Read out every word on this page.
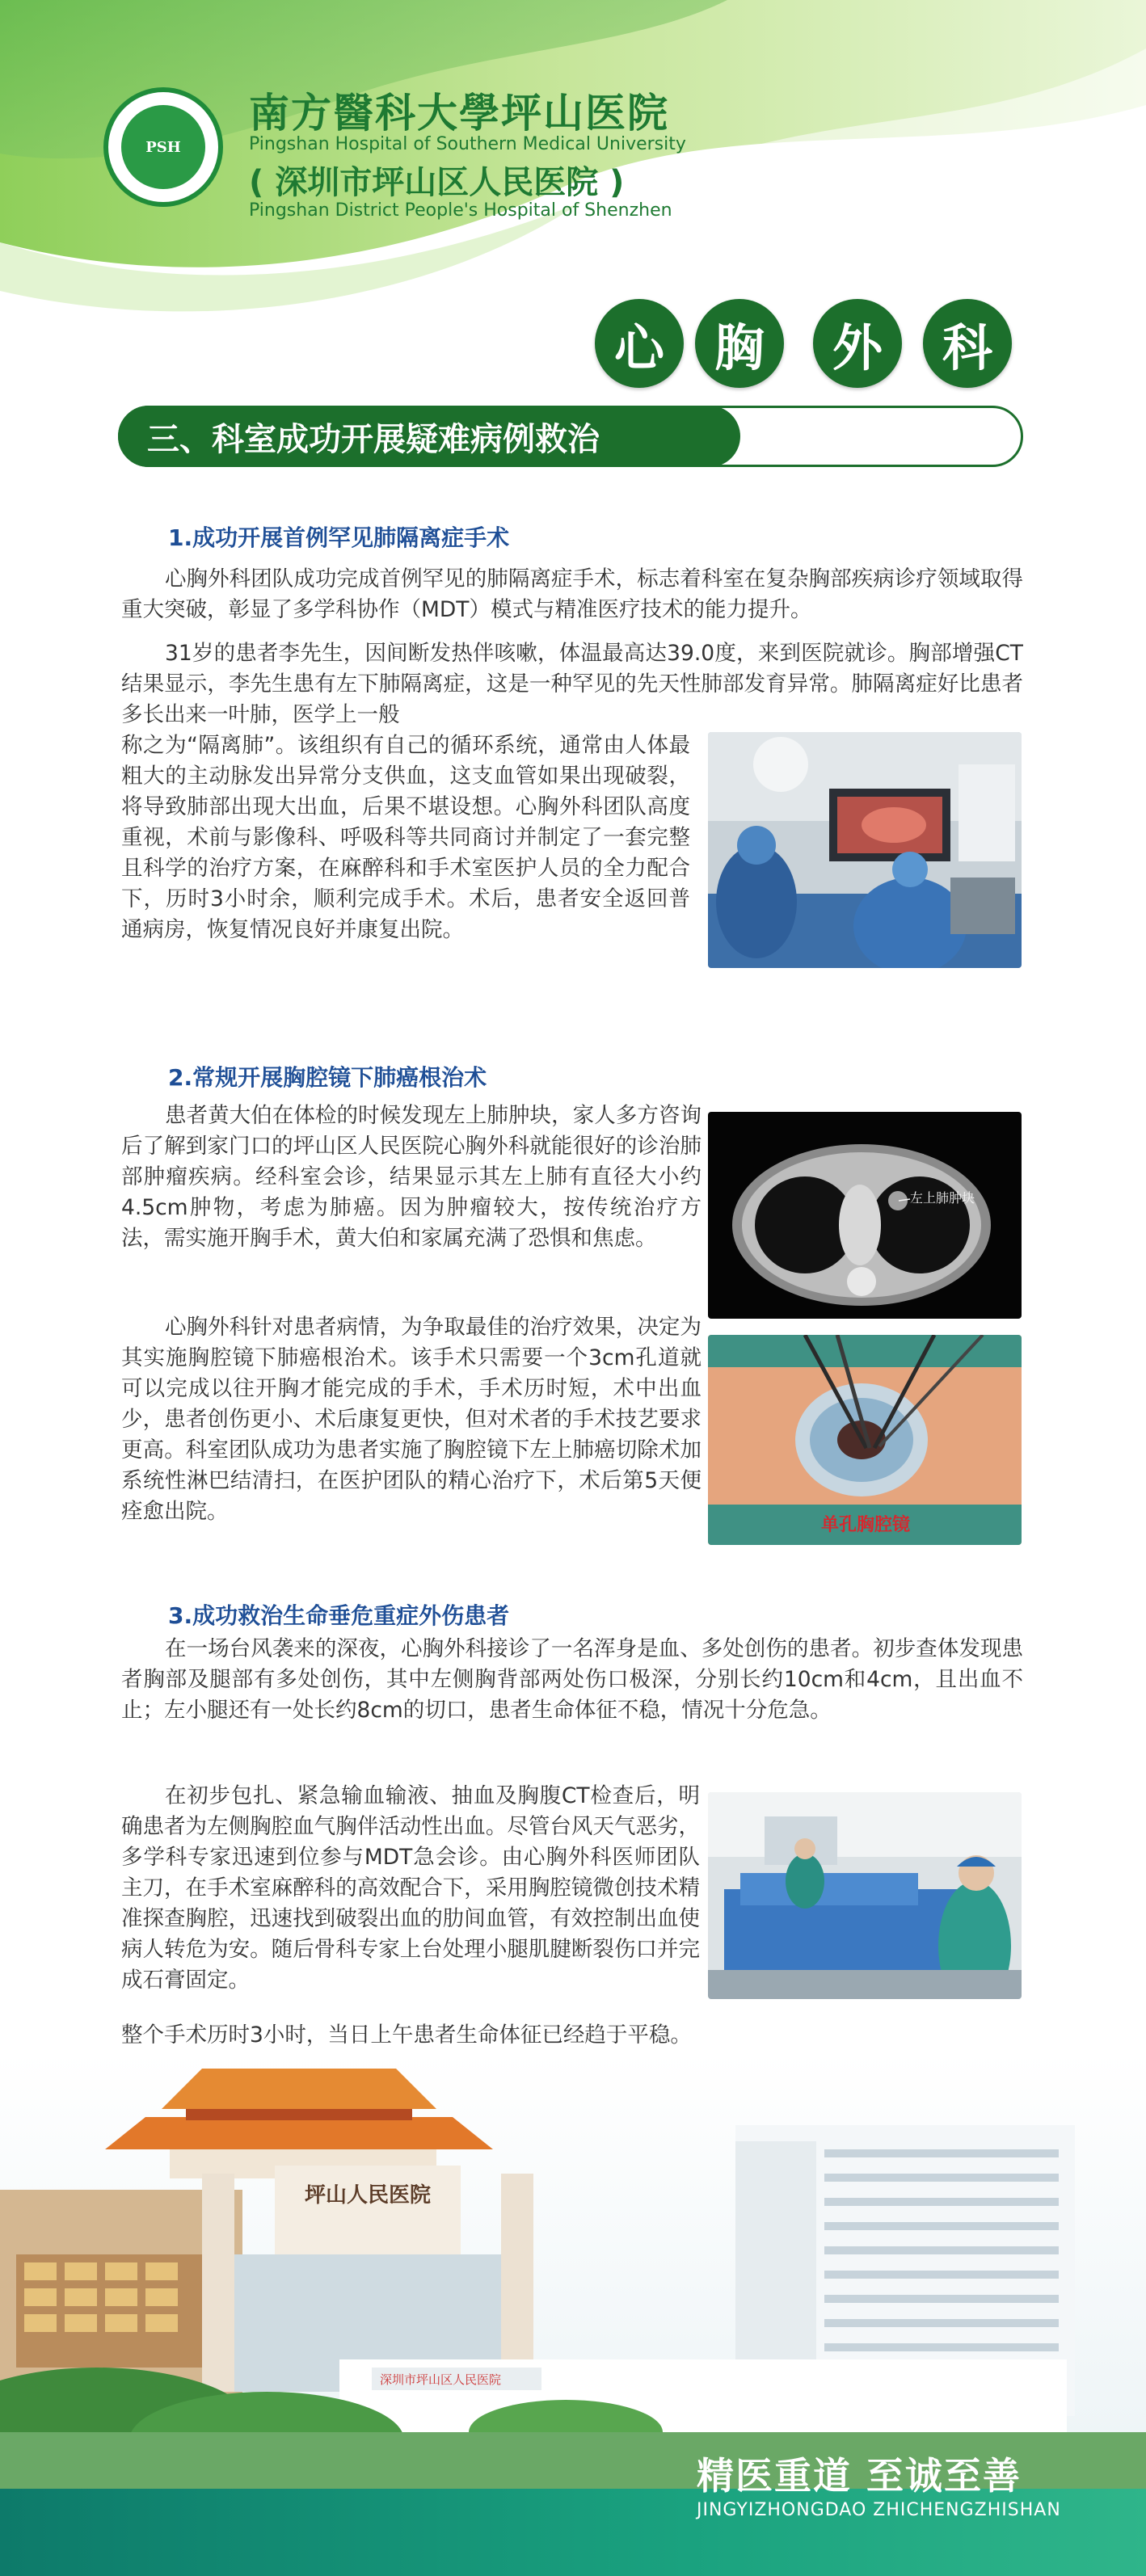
PSH
南方醫科大學坪山医院
Pingshan Hospital of Southern Medical University
( 深圳市坪山区人民医院 )
Pingshan District People's Hospital of Shenzhen
心 胸	外	科
三、科室成功开展疑难病例救治
1.成功开展首例罕见肺隔离症手术

心胸外科团队成功完成首例罕见的肺隔离症手术，标志着科室在复杂胸部疾病诊疗领域取得重大突破，彰显了多学科协作（MDT）模式与精准医疗技术的能力提升。

31岁的患者李先生，因间断发热伴咳嗽，体温最高达39.0度，来到医院就诊。胸部增强CT结果显示，李先生患有左下肺隔离症，这是一种罕见的先天性肺部发育异常。肺隔离症好比患者多长出来一叶肺，医学上一般

称之为“隔离肺”。该组织有自己的循环系统，通常由人体最粗大的主动脉发出异常分支供血，这支血管如果出现破裂，将导致肺部出现大出血，后果不堪设想。心胸外科团队高度重视，术前与影像科、呼吸科等共同商讨并制定了一套完整且科学的治疗方案，在麻醉科和手术室医护人员的全力配合下，历时3小时余，顺利完成手术。术后，患者安全返回普通病房，恢复情况良好并康复出院。

2.常规开展胸腔镜下肺癌根治术

患者黄大伯在体检的时候发现左上肺肿块，家人多方咨询后了解到家门口的坪山区人民医院心胸外科就能很好的诊治肺部肿瘤疾病。经科室会诊，结果显示其左上肺有直径大小约4.5cm肿物，考虑为肺癌。因为肿瘤较大，按传统治疗方法，需实施开胸手术，黄大伯和家属充满了恐惧和焦虑。

心胸外科针对患者病情，为争取最佳的治疗效果，决定为其实施胸腔镜下肺癌根治术。该手术只需要一个3cm孔道就可以完成以往开胸才能完成的手术，手术历时短，术中出血少，患者创伤更小、术后康复更快，但对术者的手术技艺要求更高。科室团队成功为患者实施了胸腔镜下左上肺癌切除术加系统性淋巴结清扫，在医护团队的精心治疗下，术后第5天便痊愈出院。

左上肺肿块
单孔胸腔镜
3.成功救治生命垂危重症外伤患者

在一场台风袭来的深夜，心胸外科接诊了一名浑身是血、多处创伤的患者。初步查体发现患者胸部及腿部有多处创伤，其中左侧胸背部两处伤口极深，分别长约10cm和4cm，且出血不止；左小腿还有一处长约8cm的切口，患者生命体征不稳，情况十分危急。

在初步包扎、紧急输血输液、抽血及胸腹CT检查后，明确患者为左侧胸腔血气胸伴活动性出血。尽管台风天气恶劣，多学科专家迅速到位参与MDT急会诊。由心胸外科医师团队主刀，在手术室麻醉科的高效配合下，采用胸腔镜微创技术精准探查胸腔，迅速找到破裂出血的肋间血管，有效控制出血使病人转危为安。随后骨科专家上台处理小腿肌腱断裂伤口并完成石膏固定。

整个手术历时3小时，当日上午患者生命体征已经趋于平稳。

坪山人民医院
深圳市坪山区人民医院
精医重道 至诚至善
JINGYIZHONGDAO ZHICHENGZHISHAN
